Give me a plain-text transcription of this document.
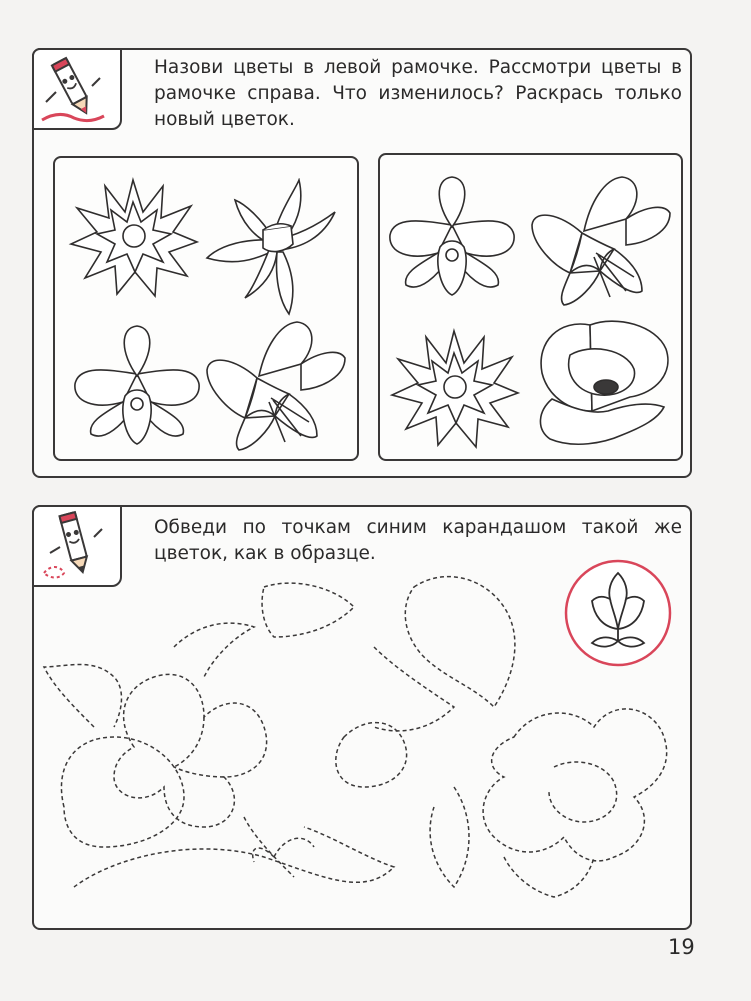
Назови цветы в левой рамочке. Рассмотри цветы в рамочке справа. Что изменилось? Раскрась только новый цветок.

Обведи по точкам синим карандашом такой же цветок, как в образце.

19
